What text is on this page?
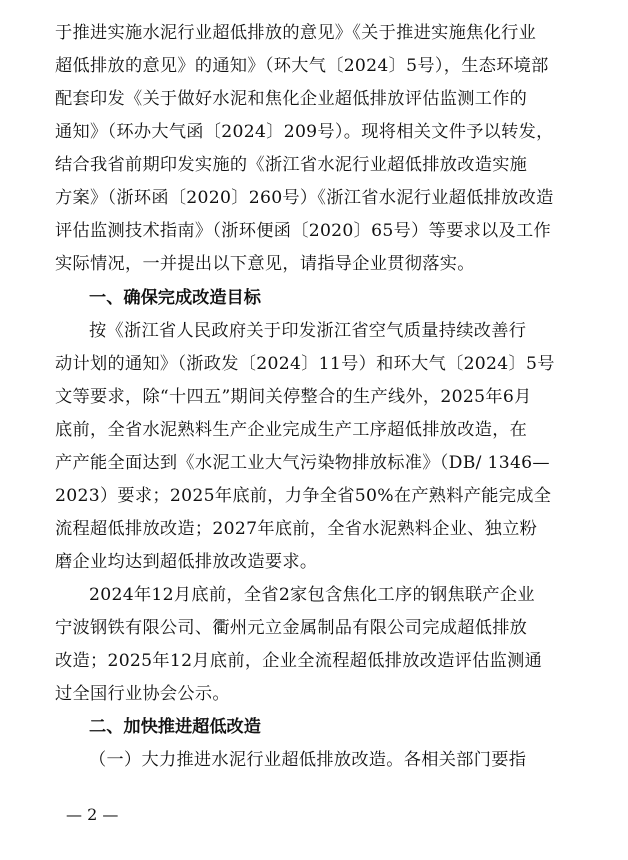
于推进实施水泥行业超低排放的意见》《关于推进实施焦化行业
超低排放的意见》的通知》（环大气〔2024〕5号），生态环境部
配套印发《关于做好水泥和焦化企业超低排放评估监测工作的
通知》（环办大气函〔2024〕209号）。现将相关文件予以转发，
结合我省前期印发实施的《浙江省水泥行业超低排放改造实施
方案》（浙环函〔2020〕260号）《浙江省水泥行业超低排放改造
评估监测技术指南》（浙环便函〔2020〕65号）等要求以及工作
实际情况，一并提出以下意见，请指导企业贯彻落实。
一、确保完成改造目标
按《浙江省人民政府关于印发浙江省空气质量持续改善行
动计划的通知》（浙政发〔2024〕11号）和环大气〔2024〕5号
文等要求，除“十四五”期间关停整合的生产线外，2025年6月
底前，全省水泥熟料生产企业完成生产工序超低排放改造，在
产产能全面达到《水泥工业大气污染物排放标准》（DB/ 1346—
2023）要求；2025年底前，力争全省50%在产熟料产能完成全
流程超低排放改造；2027年底前，全省水泥熟料企业、独立粉
磨企业均达到超低排放改造要求。
2024年12月底前，全省2家包含焦化工序的钢焦联产企业
宁波钢铁有限公司、衢州元立金属制品有限公司完成超低排放
改造；2025年12月底前，企业全流程超低排放改造评估监测通
过全国行业协会公示。
二、加快推进超低改造
（一）大力推进水泥行业超低排放改造。各相关部门要指
— 2 —
